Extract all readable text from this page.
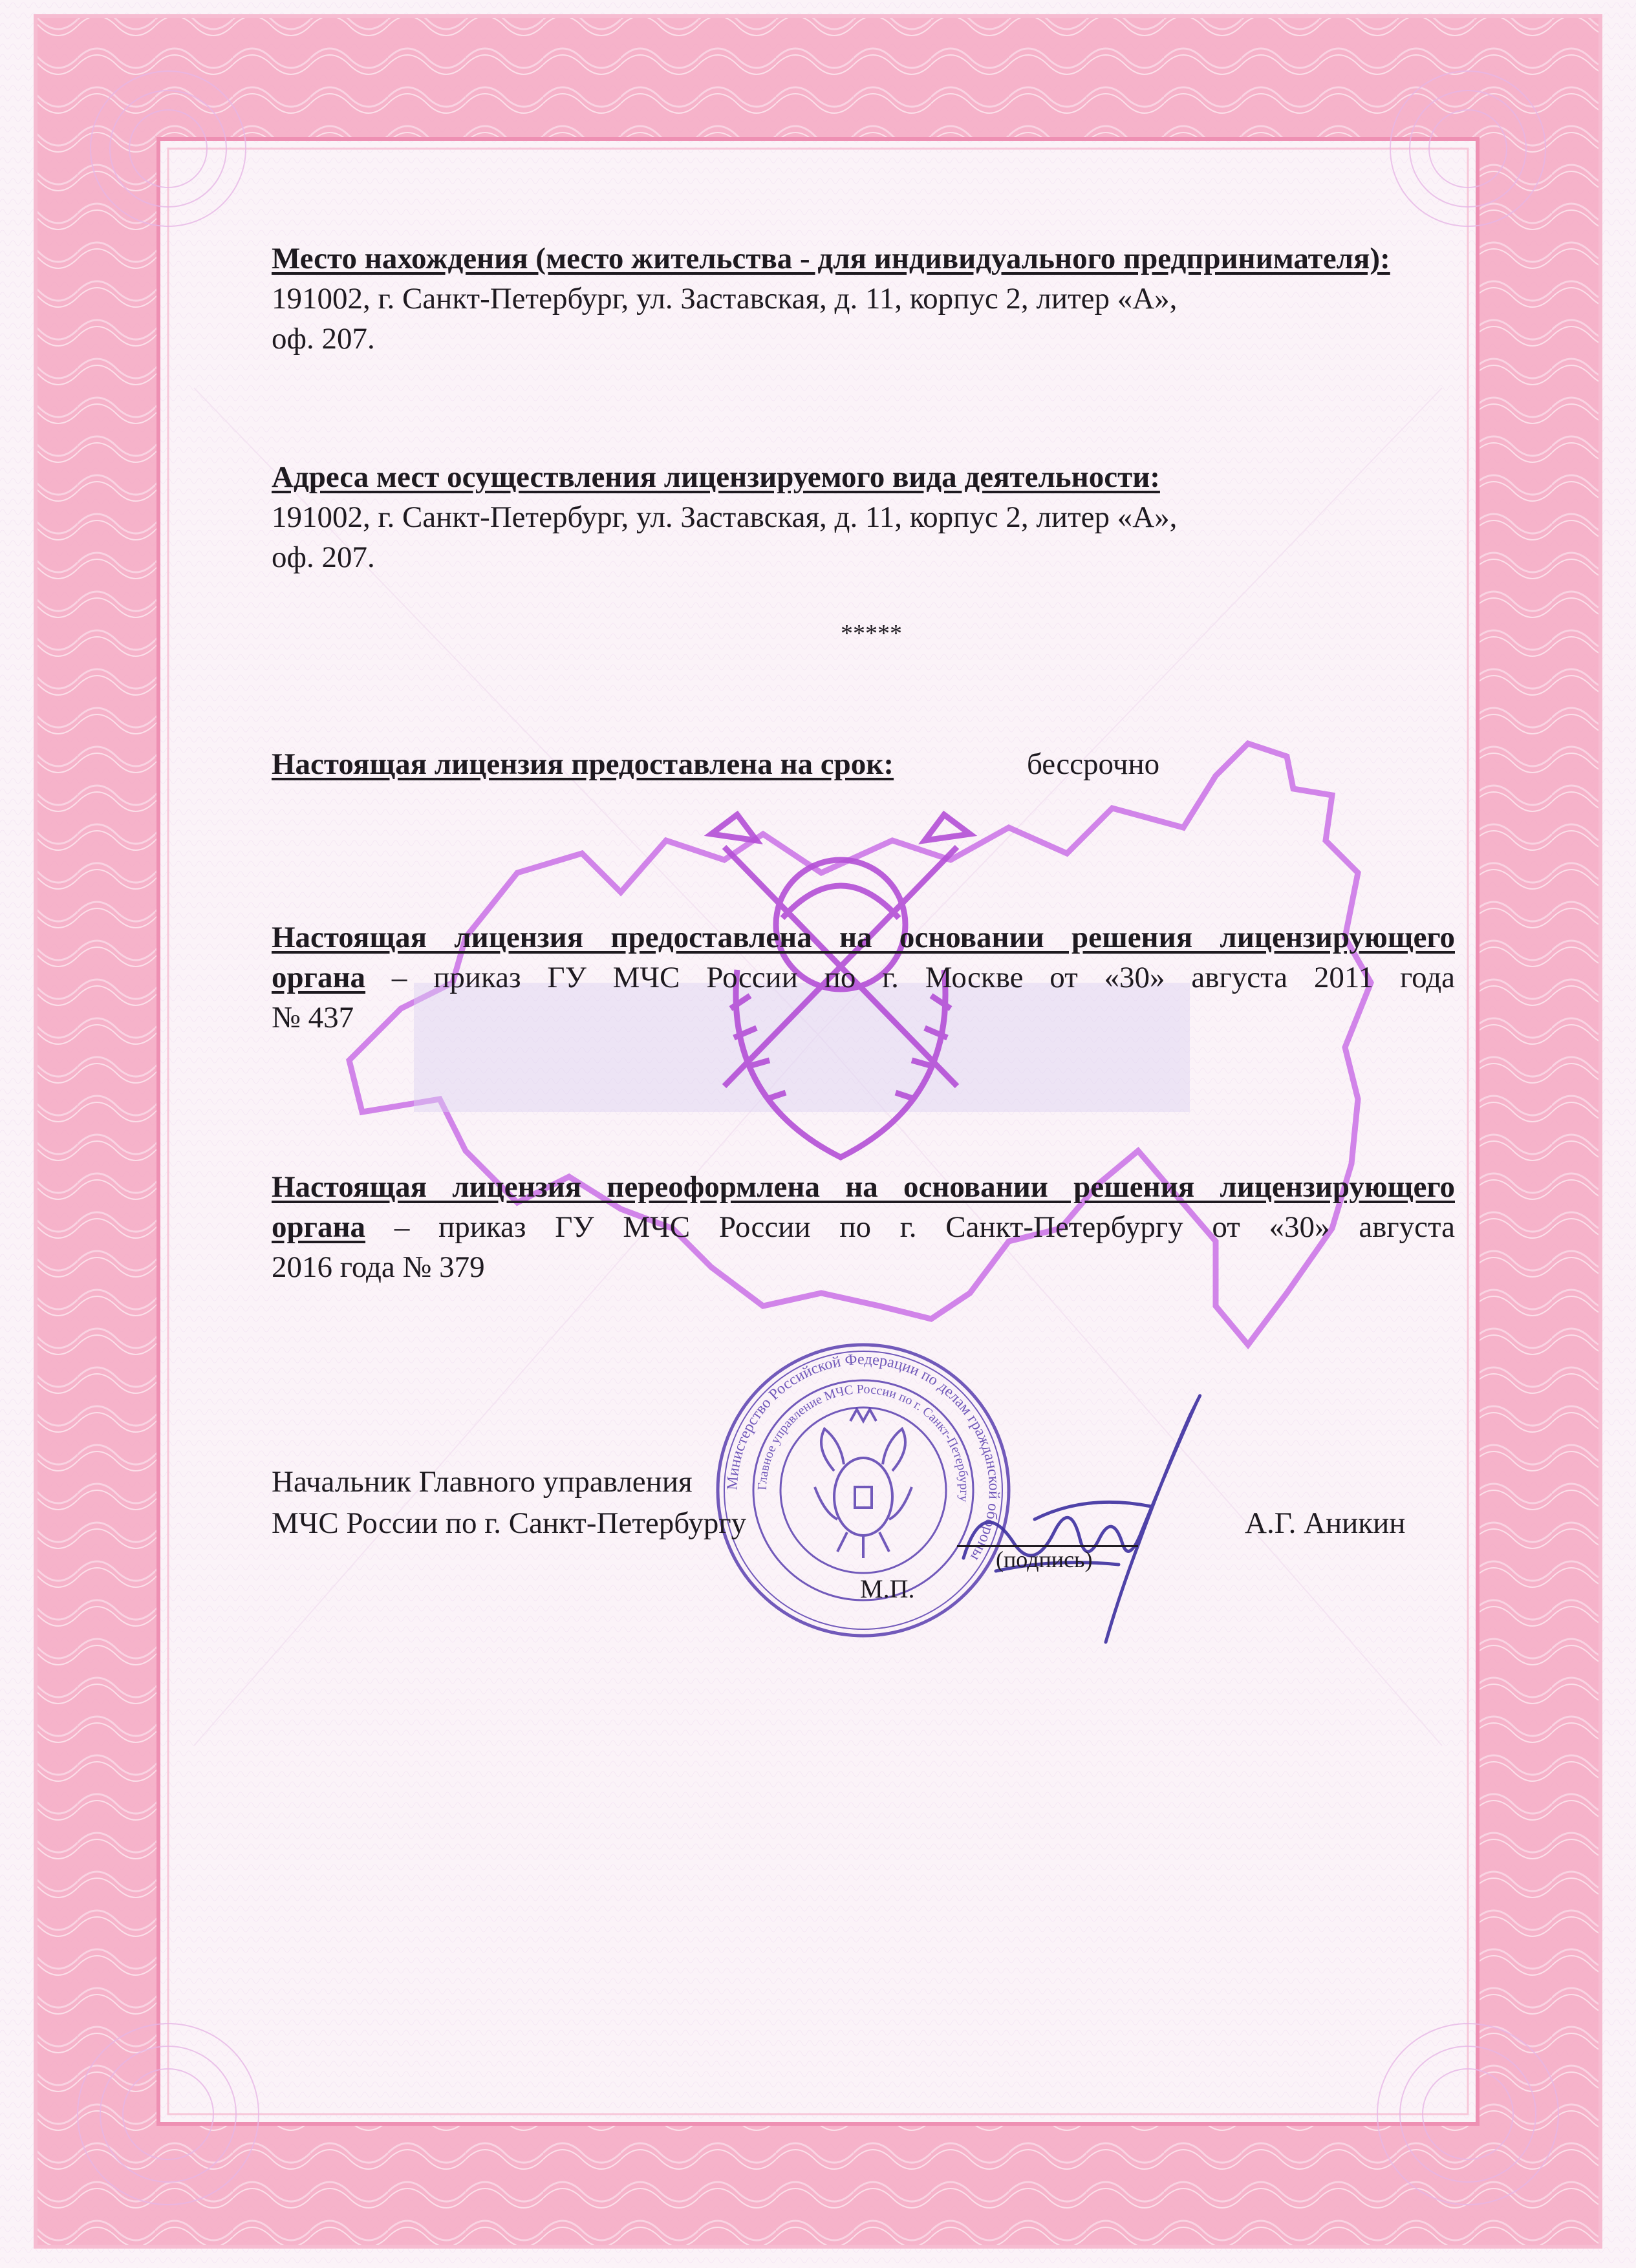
Место нахождения (место жительства - для индивидуального предпринимателя):
191002, г. Санкт-Петербург, ул. Заставская, д. 11, корпус 2, литер «А»,
оф. 207.
Адреса мест осуществления лицензируемого вида деятельности:
191002, г. Санкт-Петербург, ул. Заставская, д. 11, корпус 2, литер «А»,
оф. 207.
*****
Настоящая лицензия предоставлена на срок:	бессрочно
Настоящая лицензия предоставлена на основании решения лицензирующего
органа – приказ ГУ МЧС России по г. Москве от «30» августа 2011 года
№ 437
Настоящая лицензия переоформлена на основании решения лицензирующего
органа – приказ ГУ МЧС России по г. Санкт-Петербургу от «30» августа
2016 года № 379
Министерство Российской Федерации по делам гражданской обороны
Главное управление МЧС России по г. Санкт-Петербургу
Начальник Главного управления
МЧС России по г. Санкт-Петербургу
(подпись)
А.Г. Аникин
М.П.
